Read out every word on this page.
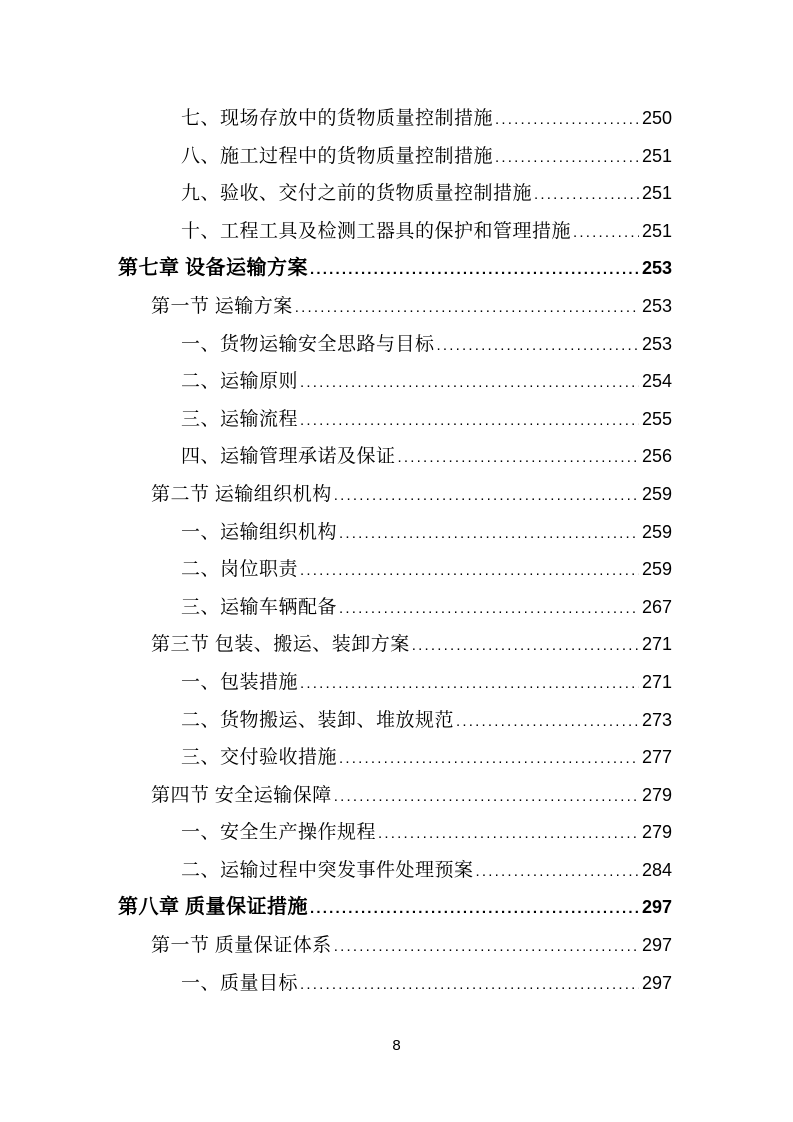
七、现场存放中的货物质量控制措施 .....	250
八、施工过程中的货物质量控制措施 .....	251
九、验收、交付之前的货物质量控制措施 .....	251
十、工程工具及检测工器具的保护和管理措施 .....	251
第七章 设备运输方案 .....	253
第一节 运输方案 .....	253
一、货物运输安全思路与目标 .....	253
二、运输原则 .....	254
三、运输流程 .....	255
四、运输管理承诺及保证 .....	256
第二节 运输组织机构 .....	259
一、运输组织机构 .....	259
二、岗位职责 .....	259
三、运输车辆配备 .....	267
第三节 包装、搬运、装卸方案 .....	271
一、包装措施 .....	271
二、货物搬运、装卸、堆放规范 .....	273
三、交付验收措施 .....	277
第四节 安全运输保障 .....	279
一、安全生产操作规程 .....	279
二、运输过程中突发事件处理预案 .....	284
第八章 质量保证措施 .....	297
第一节 质量保证体系 .....	297
一、质量目标 .....	297
8
